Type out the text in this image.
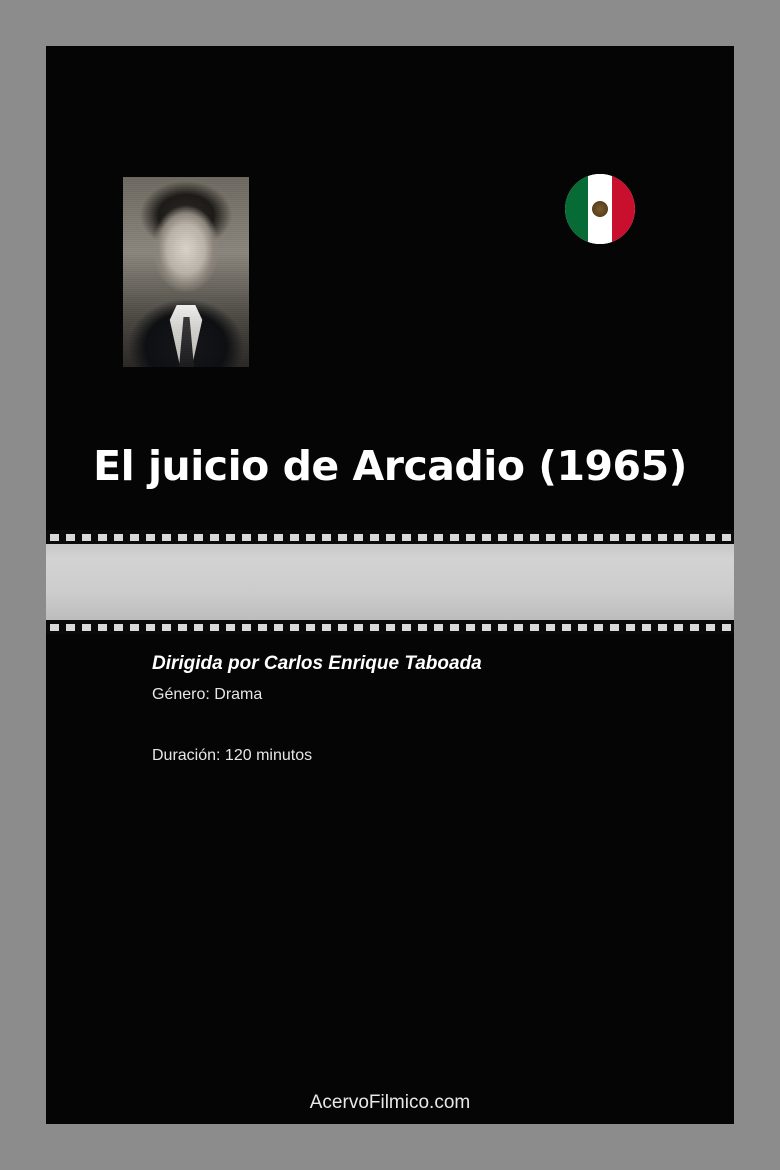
El juicio de Arcadio (1965)
Dirigida por Carlos Enrique Taboada
Género: Drama
Duración: 120 minutos
AcervoFilmico.com
